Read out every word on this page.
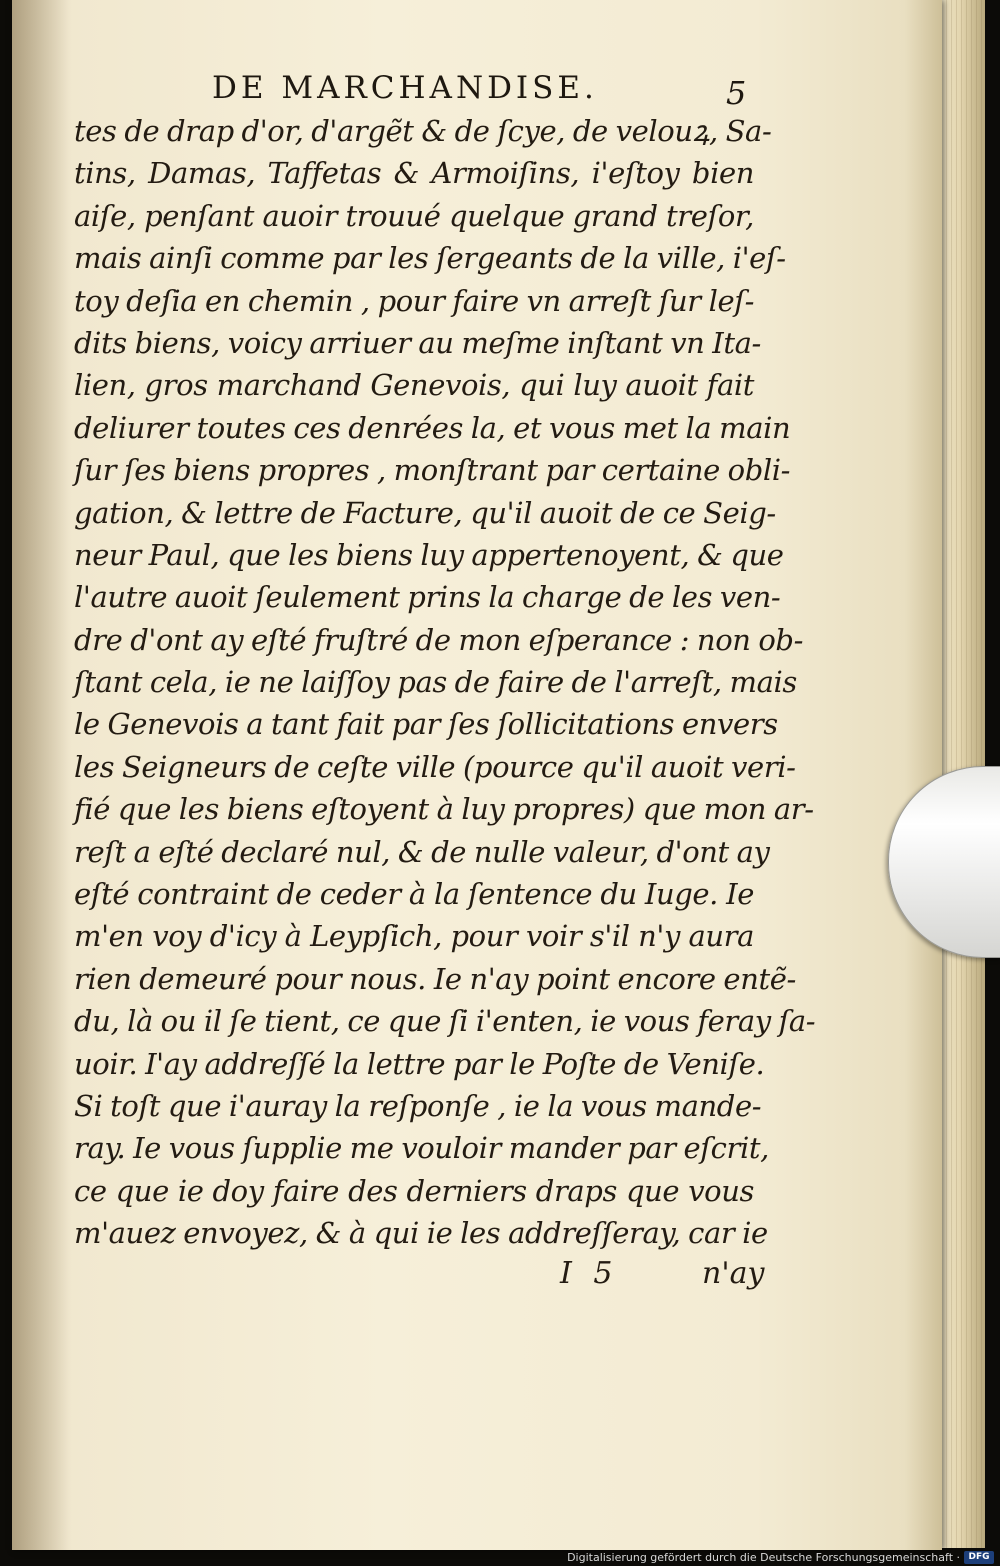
DE MARCHANDISE.	5
tes de drap d'or, d'argẽt & de ſcye, de velouꝝ, Sa-
tins, Damas, Taffetas & Armoiſins, i'eſtoy bien
aiſe, penſant auoir trouué quelque grand treſor,
mais ainſi comme par les ſergeants de la ville, i'eſ-
toy deſia en chemin , pour faire vn arreſt ſur leſ-
dits biens, voicy arriuer au meſme inſtant vn Ita-
lien, gros marchand Genevois, qui luy auoit fait
deliurer toutes ces denrées la, et vous met la main
ſur ſes biens propres , monſtrant par certaine obli-
gation, & lettre de Facture, qu'il auoit de ce Seig-
neur Paul, que les biens luy appertenoyent, & que
l'autre auoit ſeulement prins la charge de les ven-
dre d'ont ay eſté fruſtré de mon eſperance : non ob-
ſtant cela, ie ne laiſſoy pas de faire de l'arreſt, mais
le Genevois a tant fait par ſes ſollicitations envers
les Seigneurs de ceſte ville (pource qu'il auoit veri-
fié que les biens eſtoyent à luy propres) que mon ar-
reſt a eſté declaré nul, & de nulle valeur, d'ont ay
eſté contraint de ceder à la ſentence du Iuge. Ie
m'en voy d'icy à Leypſich, pour voir s'il n'y aura
rien demeuré pour nous. Ie n'ay point encore entẽ-
du, là ou il ſe tient, ce que ſi i'enten, ie vous feray ſa-
uoir. I'ay addreſſé la lettre par le Poſte de Veniſe.
Si toſt que i'auray la reſponſe , ie la vous mande-
ray. Ie vous ſupplie me vouloir mander par eſcrit,
ce que ie doy faire des derniers draps que vous
m'auez envoyez, & à qui ie les addreſſeray, car ie
I 5	n'ay
Digitalisierung gefördert durch die Deutsche Forschungsgemeinschaft · DFG
